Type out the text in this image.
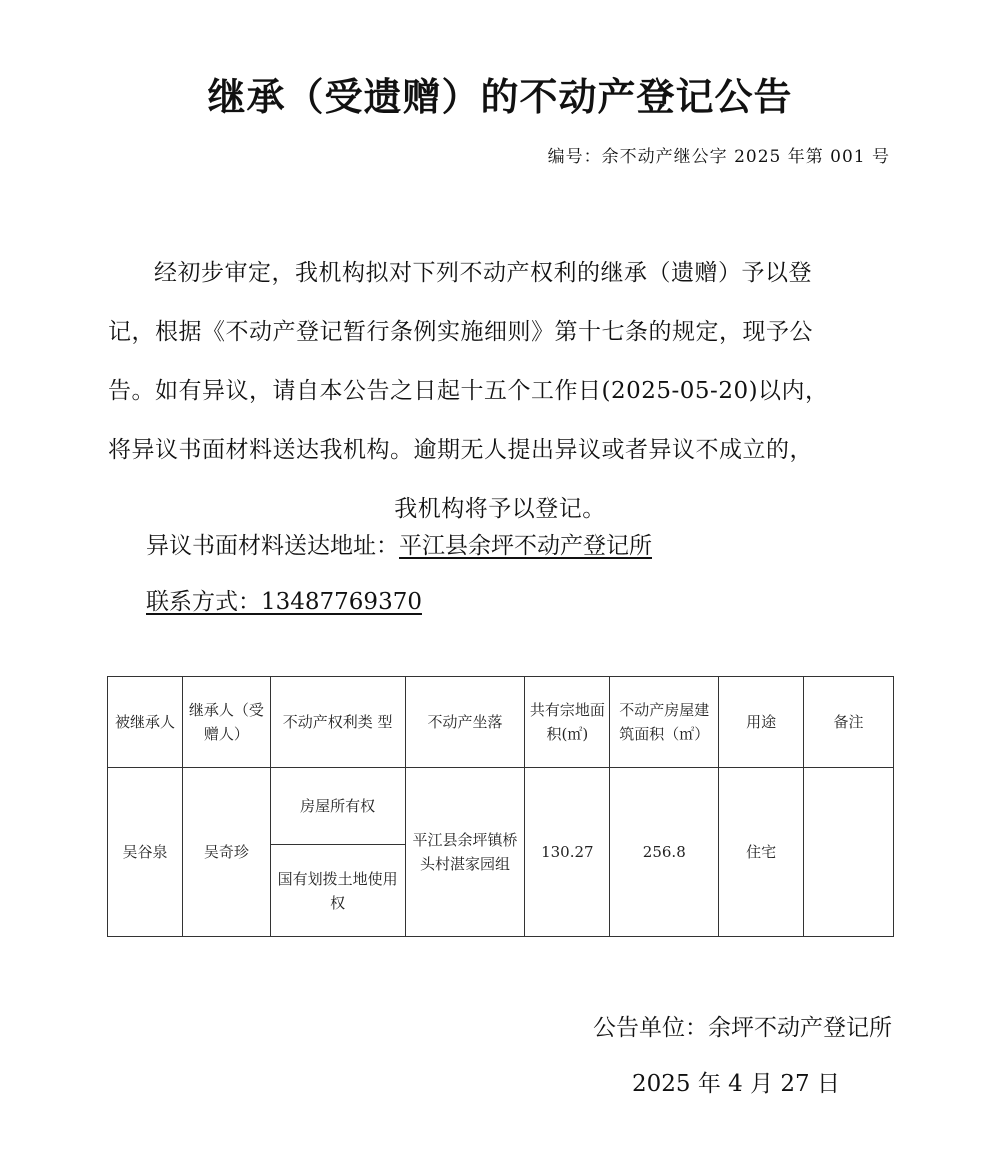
继承（受遗赠）的不动产登记公告
编号：余不动产继公字 2025 年第 001 号
经初步审定，我机构拟对下列不动产权利的继承（遗赠）予以登
记，根据《不动产登记暂行条例实施细则》第十七条的规定，现予公
告。如有异议，请自本公告之日起十五个工作日(2025-05-20)以内，
将异议书面材料送达我机构。逾期无人提出异议或者异议不成立的，
我机构将予以登记。
异议书面材料送达地址：平江县余坪不动产登记所
联系方式：13487769370
被继承人	继承人（受赠人）	不动产权利类 型	不动产坐落	共有宗地面积(㎡)	不动产房屋建筑面积（㎡）	用途	备注
吴谷泉	吴奇珍	房屋所有权	平江县余坪镇桥头村湛家园组	130.27	256.8	住宅	
		国有划拨土地使用权					
公告单位：余坪不动产登记所
2025 年 4 月 27 日
